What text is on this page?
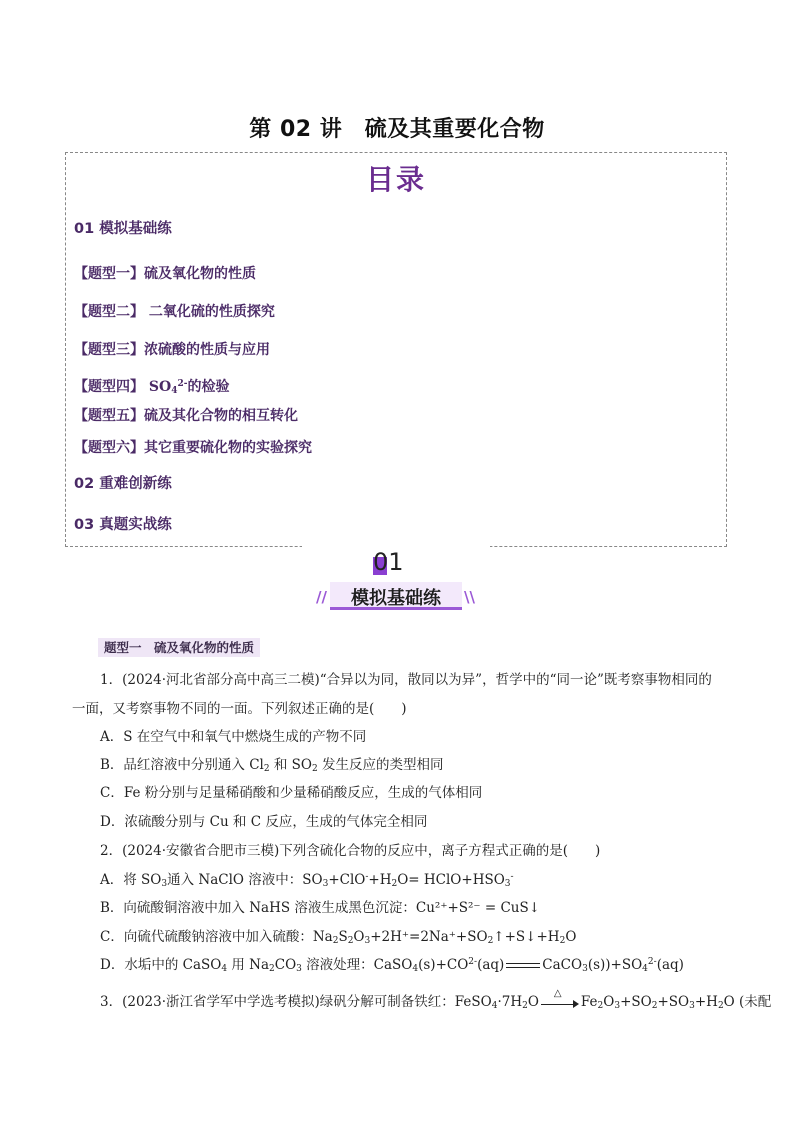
第 02 讲　硫及其重要化合物
目录
01 模拟基础练
【题型一】硫及氧化物的性质
【题型二】 二氧化硫的性质探究
【题型三】浓硫酸的性质与应用
【题型四】 $SO_4^{2-}$的检验
【题型五】硫及其化合物的相互转化
【题型六】其它重要硫化物的实验探究
02 重难创新练
03 真题实战练
01
//	模拟基础练	\\
题型一　硫及氧化物的性质
1．(2024·河北省部分高中高三二模)“合异以为同，散同以为异”，哲学中的“同一论”既考察事物相同的
一面，又考察事物不同的一面。下列叙述正确的是(　　)
A．S 在空气中和氧气中燃烧生成的产物不同
B．品红溶液中分别通入 $Cl_2$ 和 $SO_2$ 发生反应的类型相同
C．Fe 粉分别与足量稀硝酸和少量稀硝酸反应，生成的气体相同
D．浓硫酸分别与 Cu 和 C 反应，生成的气体完全相同
2．(2024·安徽省合肥市三模)下列含硫化合物的反应中，离子方程式正确的是(　　)
A．将 $SO_3$通入 NaClO 溶液中：$SO_3+ClO^-+H_2O=$ $HClO+HSO_3^-$
B．向硫酸铜溶液中加入 NaHS 溶液生成黑色沉淀：Cu²⁺+S²⁻ = CuS↓
C．向硫代硫酸钠溶液中加入硫酸：$Na_2S_2O_3+2H^+=2Na^++SO_2↑+S↓+H_2O$
D．水垢中的 CaSO$_4$ 用 $Na_2CO_3$ 溶液处理：$CaSO_4(s)+CO^{2-}(aq)$	$CaCO_3(s))+SO_4^{2-}(aq)$
3．(2023·浙江省学军中学选考模拟)绿矾分解可制备铁红：$FeSO_4\cdot 7H_2O$
△
$Fe_2O_3+SO_2+SO_3+H_2O$ (未配
